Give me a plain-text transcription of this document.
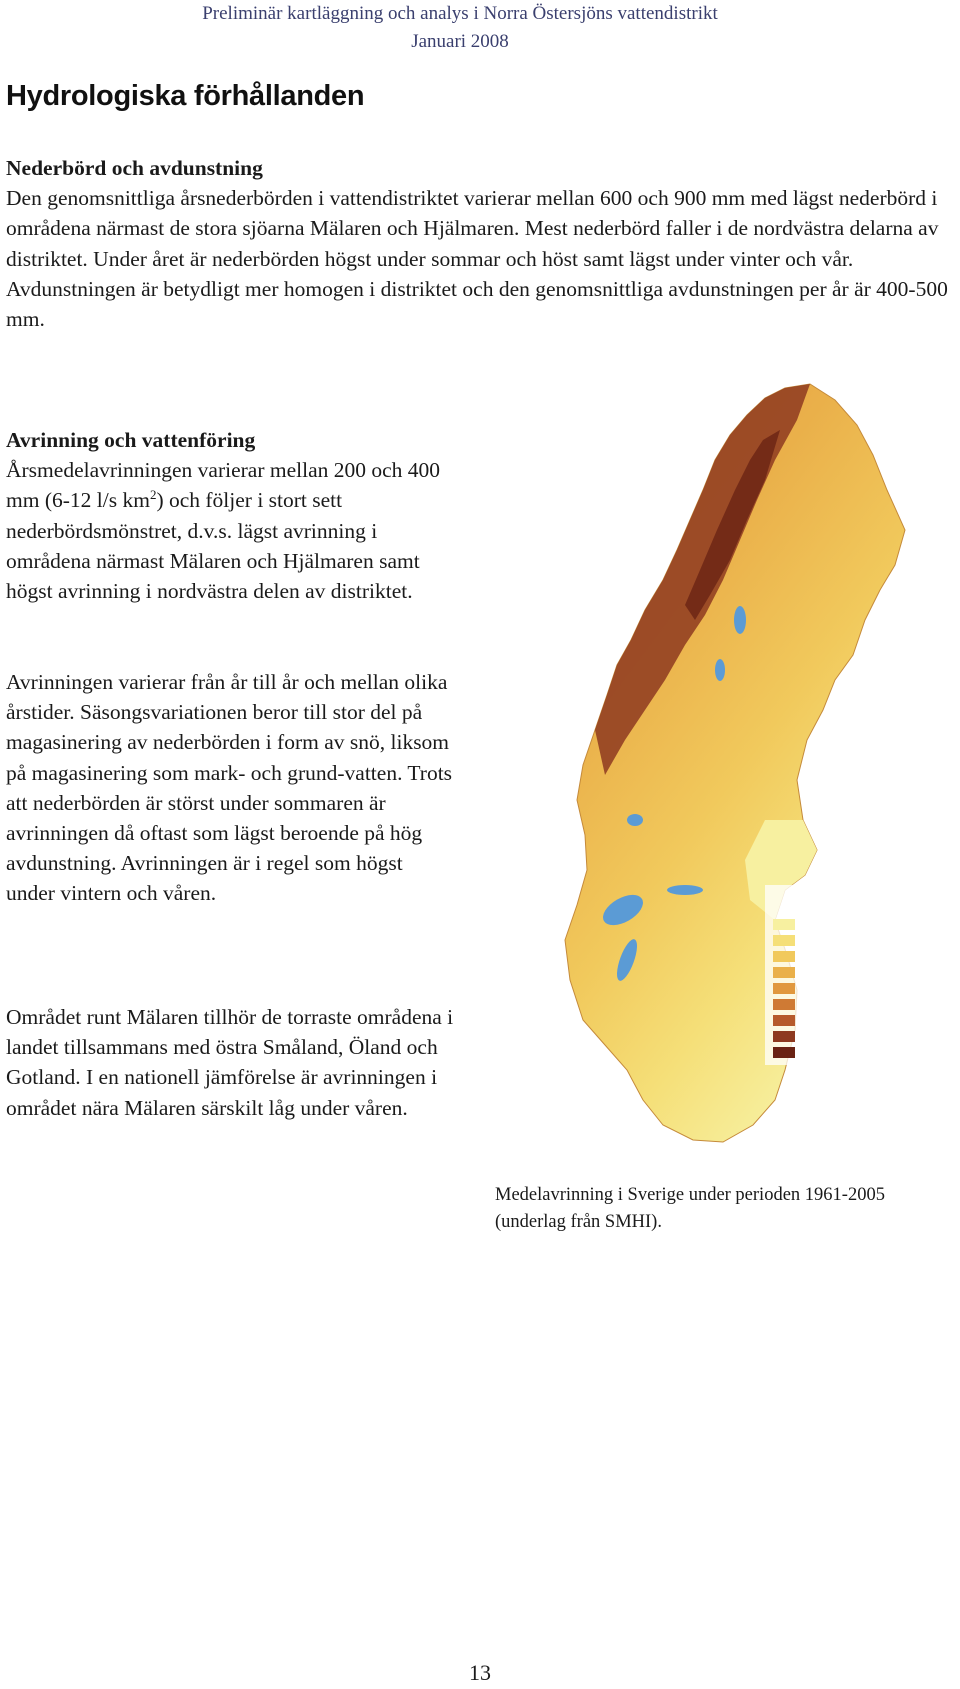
Preliminär kartläggning och analys i Norra Östersjöns vattendistrikt
Januari 2008
Hydrologiska förhållanden
Nederbörd och avdunstning

Den genomsnittliga årsnederbörden i vattendistriktet varierar mellan 600 och 900 mm med lägst nederbörd i områdena närmast de stora sjöarna Mälaren och Hjälmaren. Mest nederbörd faller i de nordvästra delarna av distriktet. Under året är nederbörden högst under sommar och höst samt lägst under vinter och vår. Avdunstningen är betydligt mer homogen i distriktet och den genomsnittliga avdunstningen per år är 400-500 mm.

Avrinning och vattenföring

Årsmedelavrinningen varierar mellan 200 och 400 mm (6-12 l/s $km^2$) och följer i stort sett nederbördsmönstret, d.v.s. lägst avrinning i områdena närmast Mälaren och Hjälmaren samt högst avrinning i nordvästra delen av distriktet.

Avrinningen varierar från år till år och mellan olika årstider. Säsongsvariationen beror till stor del på magasinering av nederbörden i form av snö, liksom på magasinering som mark- och grund-vatten. Trots att nederbörden är störst under sommaren är avrinningen då oftast som lägst beroende på hög avdunstning. Avrinningen är i regel som högst under vintern och våren.

Området runt Mälaren tillhör de torraste områdena i landet tillsammans med östra Småland, Öland och Gotland. I en nationell jämförelse är avrinningen i området nära Mälaren särskilt låg under våren.

Medelavrinning i Sverige under perioden 1961-2005 (underlag från SMHI).

13
